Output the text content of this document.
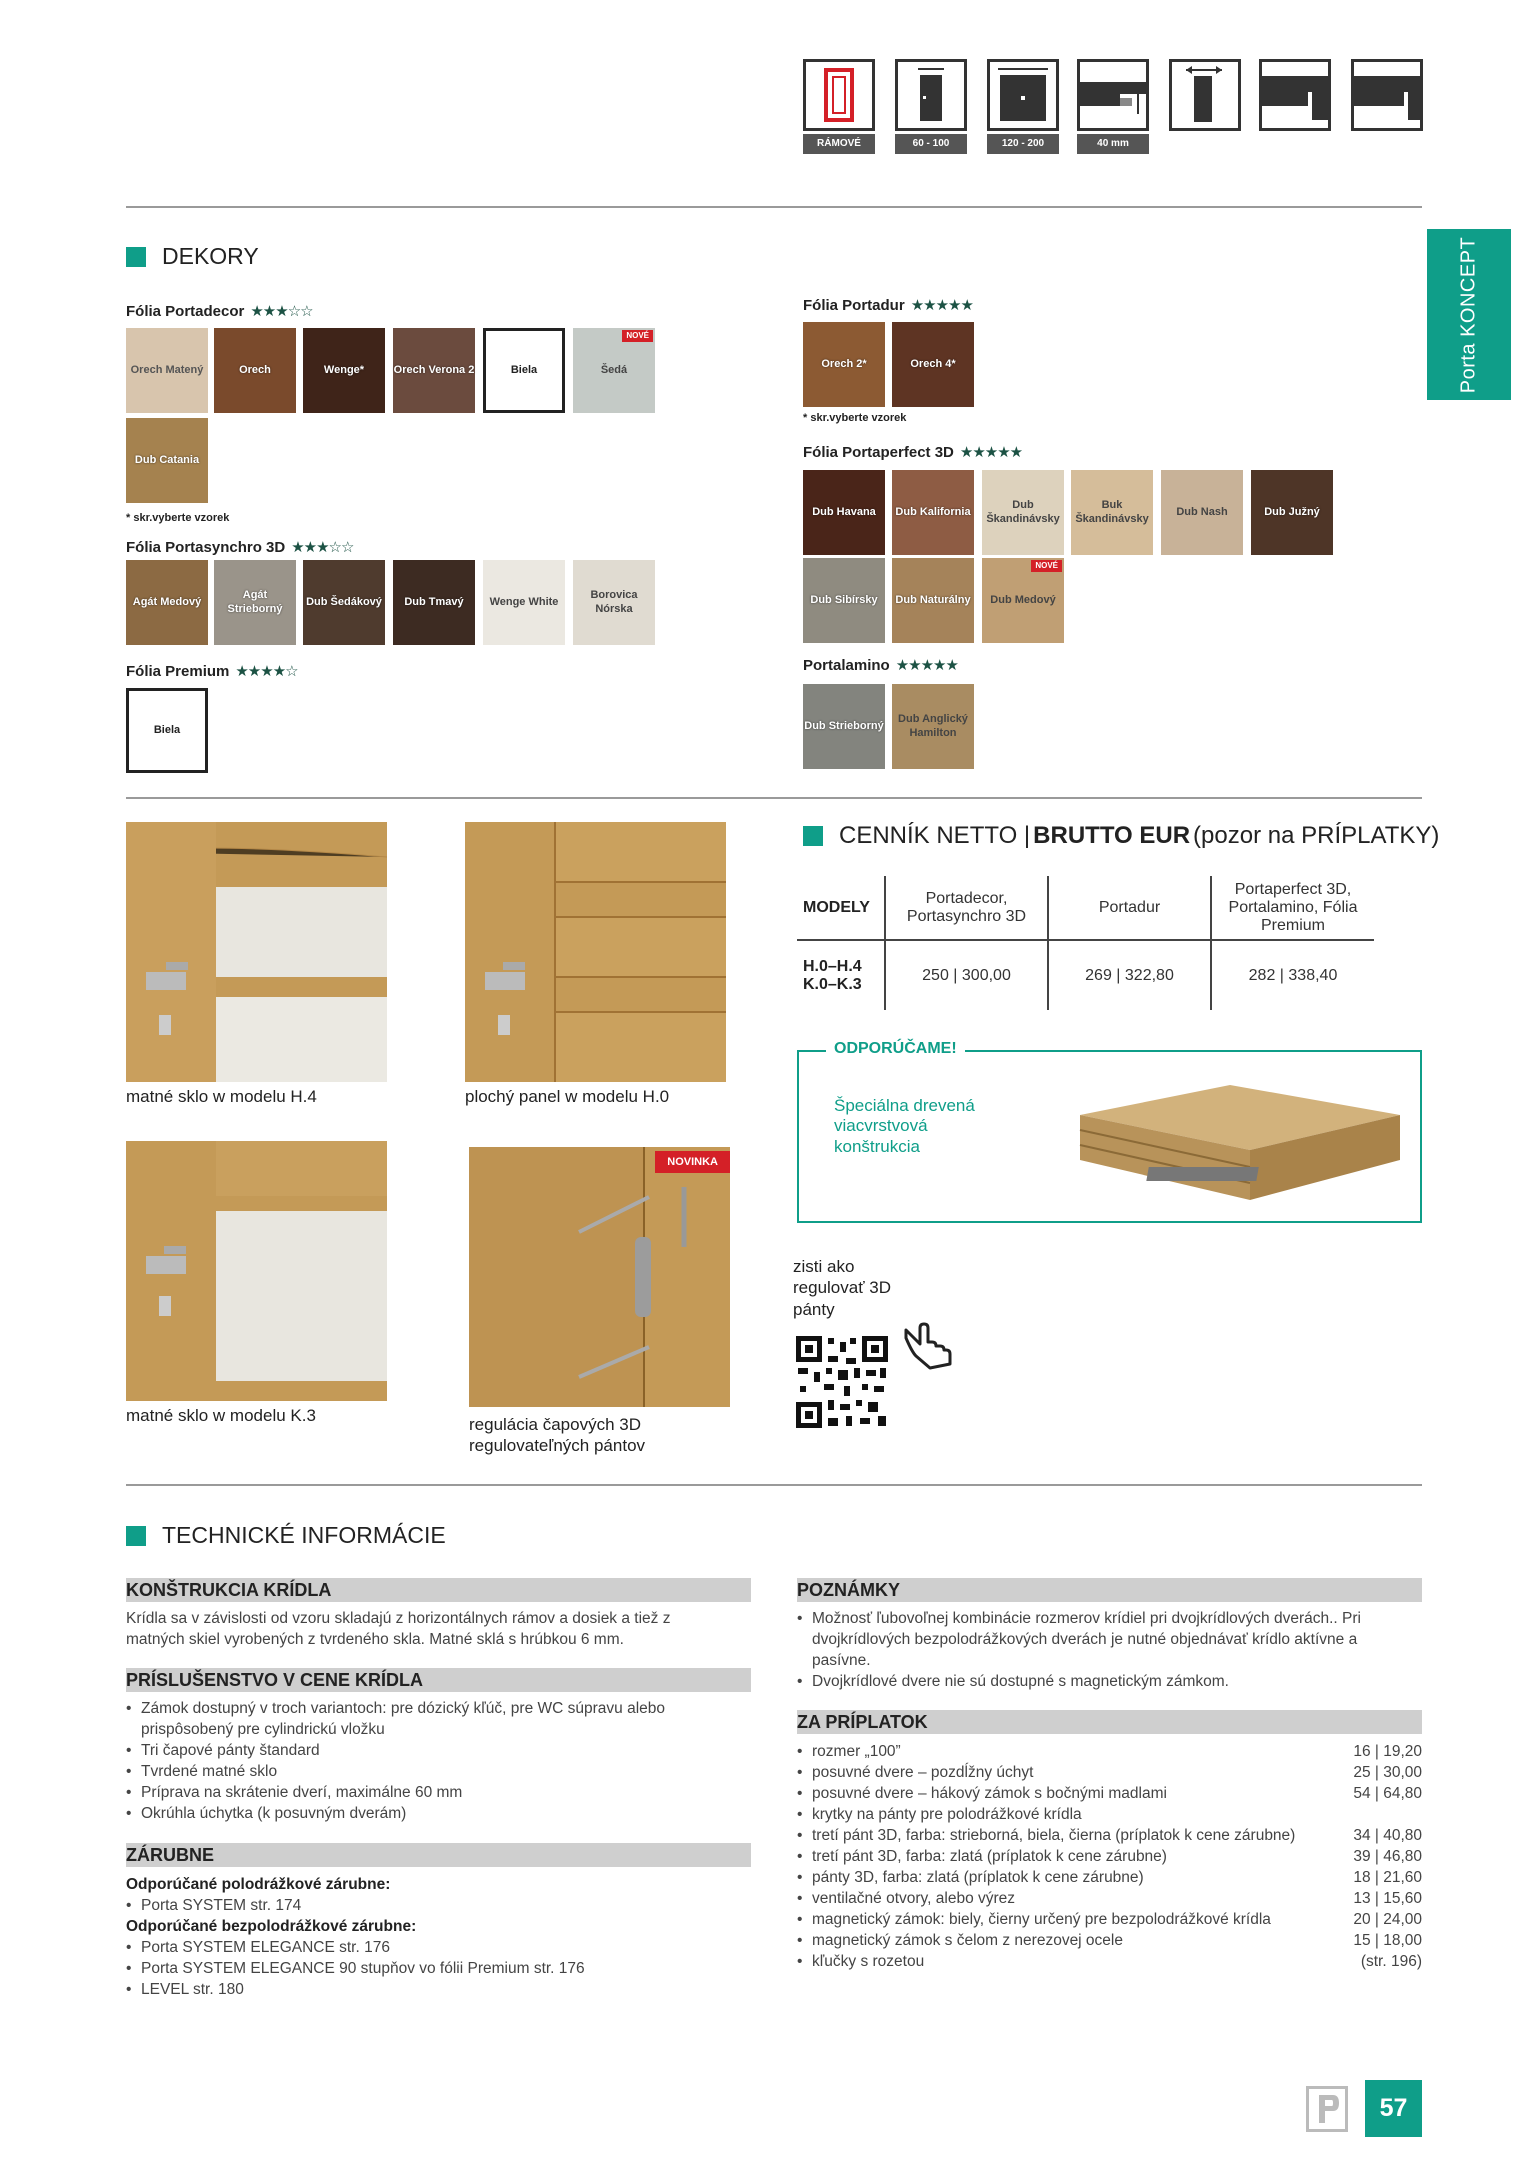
RÁMOVÉ	60 - 100	120 - 200	40 mm
Porta KONCEPT
DEKORY
Fólia Portadecor ★★★☆☆
Orech Matený	Orech	Wenge*	Orech Verona 2	Biela	Šedá
NOVÉ
Dub Catania
* skr.vyberte vzorek
Fólia Portasynchro 3D ★★★☆☆
Agát Medový
Agát Strieborný
Dub Šedákový	Dub Tmavý	Wenge White
Borovica Nórska
Fólia Premium ★★★★☆
Biela
Fólia Portadur ★★★★★
Orech 2*	Orech 4*
* skr.vyberte vzorek
Fólia Portaperfect 3D ★★★★★
Dub Havana	Dub Kalifornia
Dub Škandinávsky
Buk Škandinávsky
Dub Nash	Dub Južný
Dub Sibírsky	Dub Naturálny	Dub Medový
NOVÉ
Portalamino ★★★★★
Dub Strieborný
Dub Anglický Hamilton
matné sklo w modelu H.4	plochý panel w modelu H.0
matné sklo w modelu K.3
NOVINKA
regulácia čapových 3D regulovateľných pántov
CENNÍK NETTO | BRUTTO EUR (pozor na PRÍPLATKY)
MODELY	Portadecor, Portasynchro 3D	Portadur	Portaperfect 3D, Portalamino, Fólia Premium
H.0–H.4 K.0–K.3	250 | 300,00	269 | 322,80	282 | 338,40
ODPORÚČAME!
Špeciálna drevená viacvrstvová konštrukcia
zisti ako regulovať 3D pánty
TECHNICKÉ INFORMÁCIE
KONŠTRUKCIA KRÍDLA
Krídla sa v závislosti od vzoru skladajú z horizontálnych rámov a dosiek a tiež z matných skiel vyrobených z tvrdeného skla. Matné sklá s hrúbkou 6 mm.
PRÍSLUŠENSTVO V CENE KRÍDLA
• Zámok dostupný v troch variantoch: pre dózický kľúč, pre WC súpravu alebo prispôsobený pre cylindrickú vložku
• Tri čapové pánty štandard
• Tvrdené matné sklo
• Príprava na skrátenie dverí, maximálne 60 mm
• Okrúhla úchytka (k posuvným dverám)
ZÁRUBNE
Odporúčané polodrážkové zárubne:
• Porta SYSTEM str. 174
Odporúčané bezpolodrážkové zárubne:
• Porta SYSTEM ELEGANCE str. 176
• Porta SYSTEM ELEGANCE 90 stupňov vo fólii Premium str. 176
• LEVEL str. 180
POZNÁMKY
• Možnosť ľubovoľnej kombinácie rozmerov krídiel pri dvojkrídlových dverách.. Pri dvojkrídlových bezpolodrážkových dverách je nutné objednávať krídlo aktívne a pasívne.
• Dvojkrídlové dvere nie sú dostupné s magnetickým zámkom.
ZA PRÍPLATOK
• rozmer „100”	16 | 19,20
• posuvné dvere – pozdĺžny úchyt	25 | 30,00
• posuvné dvere – hákový zámok s bočnými madlami	54 | 64,80
• krytky na pánty pre polodrážkové krídla
• tretí pánt 3D, farba: strieborná, biela, čierna (príplatok k cene zárubne)	34 | 40,80
• tretí pánt 3D, farba: zlatá (príplatok k cene zárubne)	39 | 46,80
• pánty 3D, farba: zlatá (príplatok k cene zárubne)	18 | 21,60
• ventilačné otvory, alebo výrez	13 | 15,60
• magnetický zámok: biely, čierny určený pre bezpolodrážkové krídla	20 | 24,00
• magnetický zámok s čelom z nerezovej ocele	15 | 18,00
• kľučky s rozetou	(str. 196)
57
